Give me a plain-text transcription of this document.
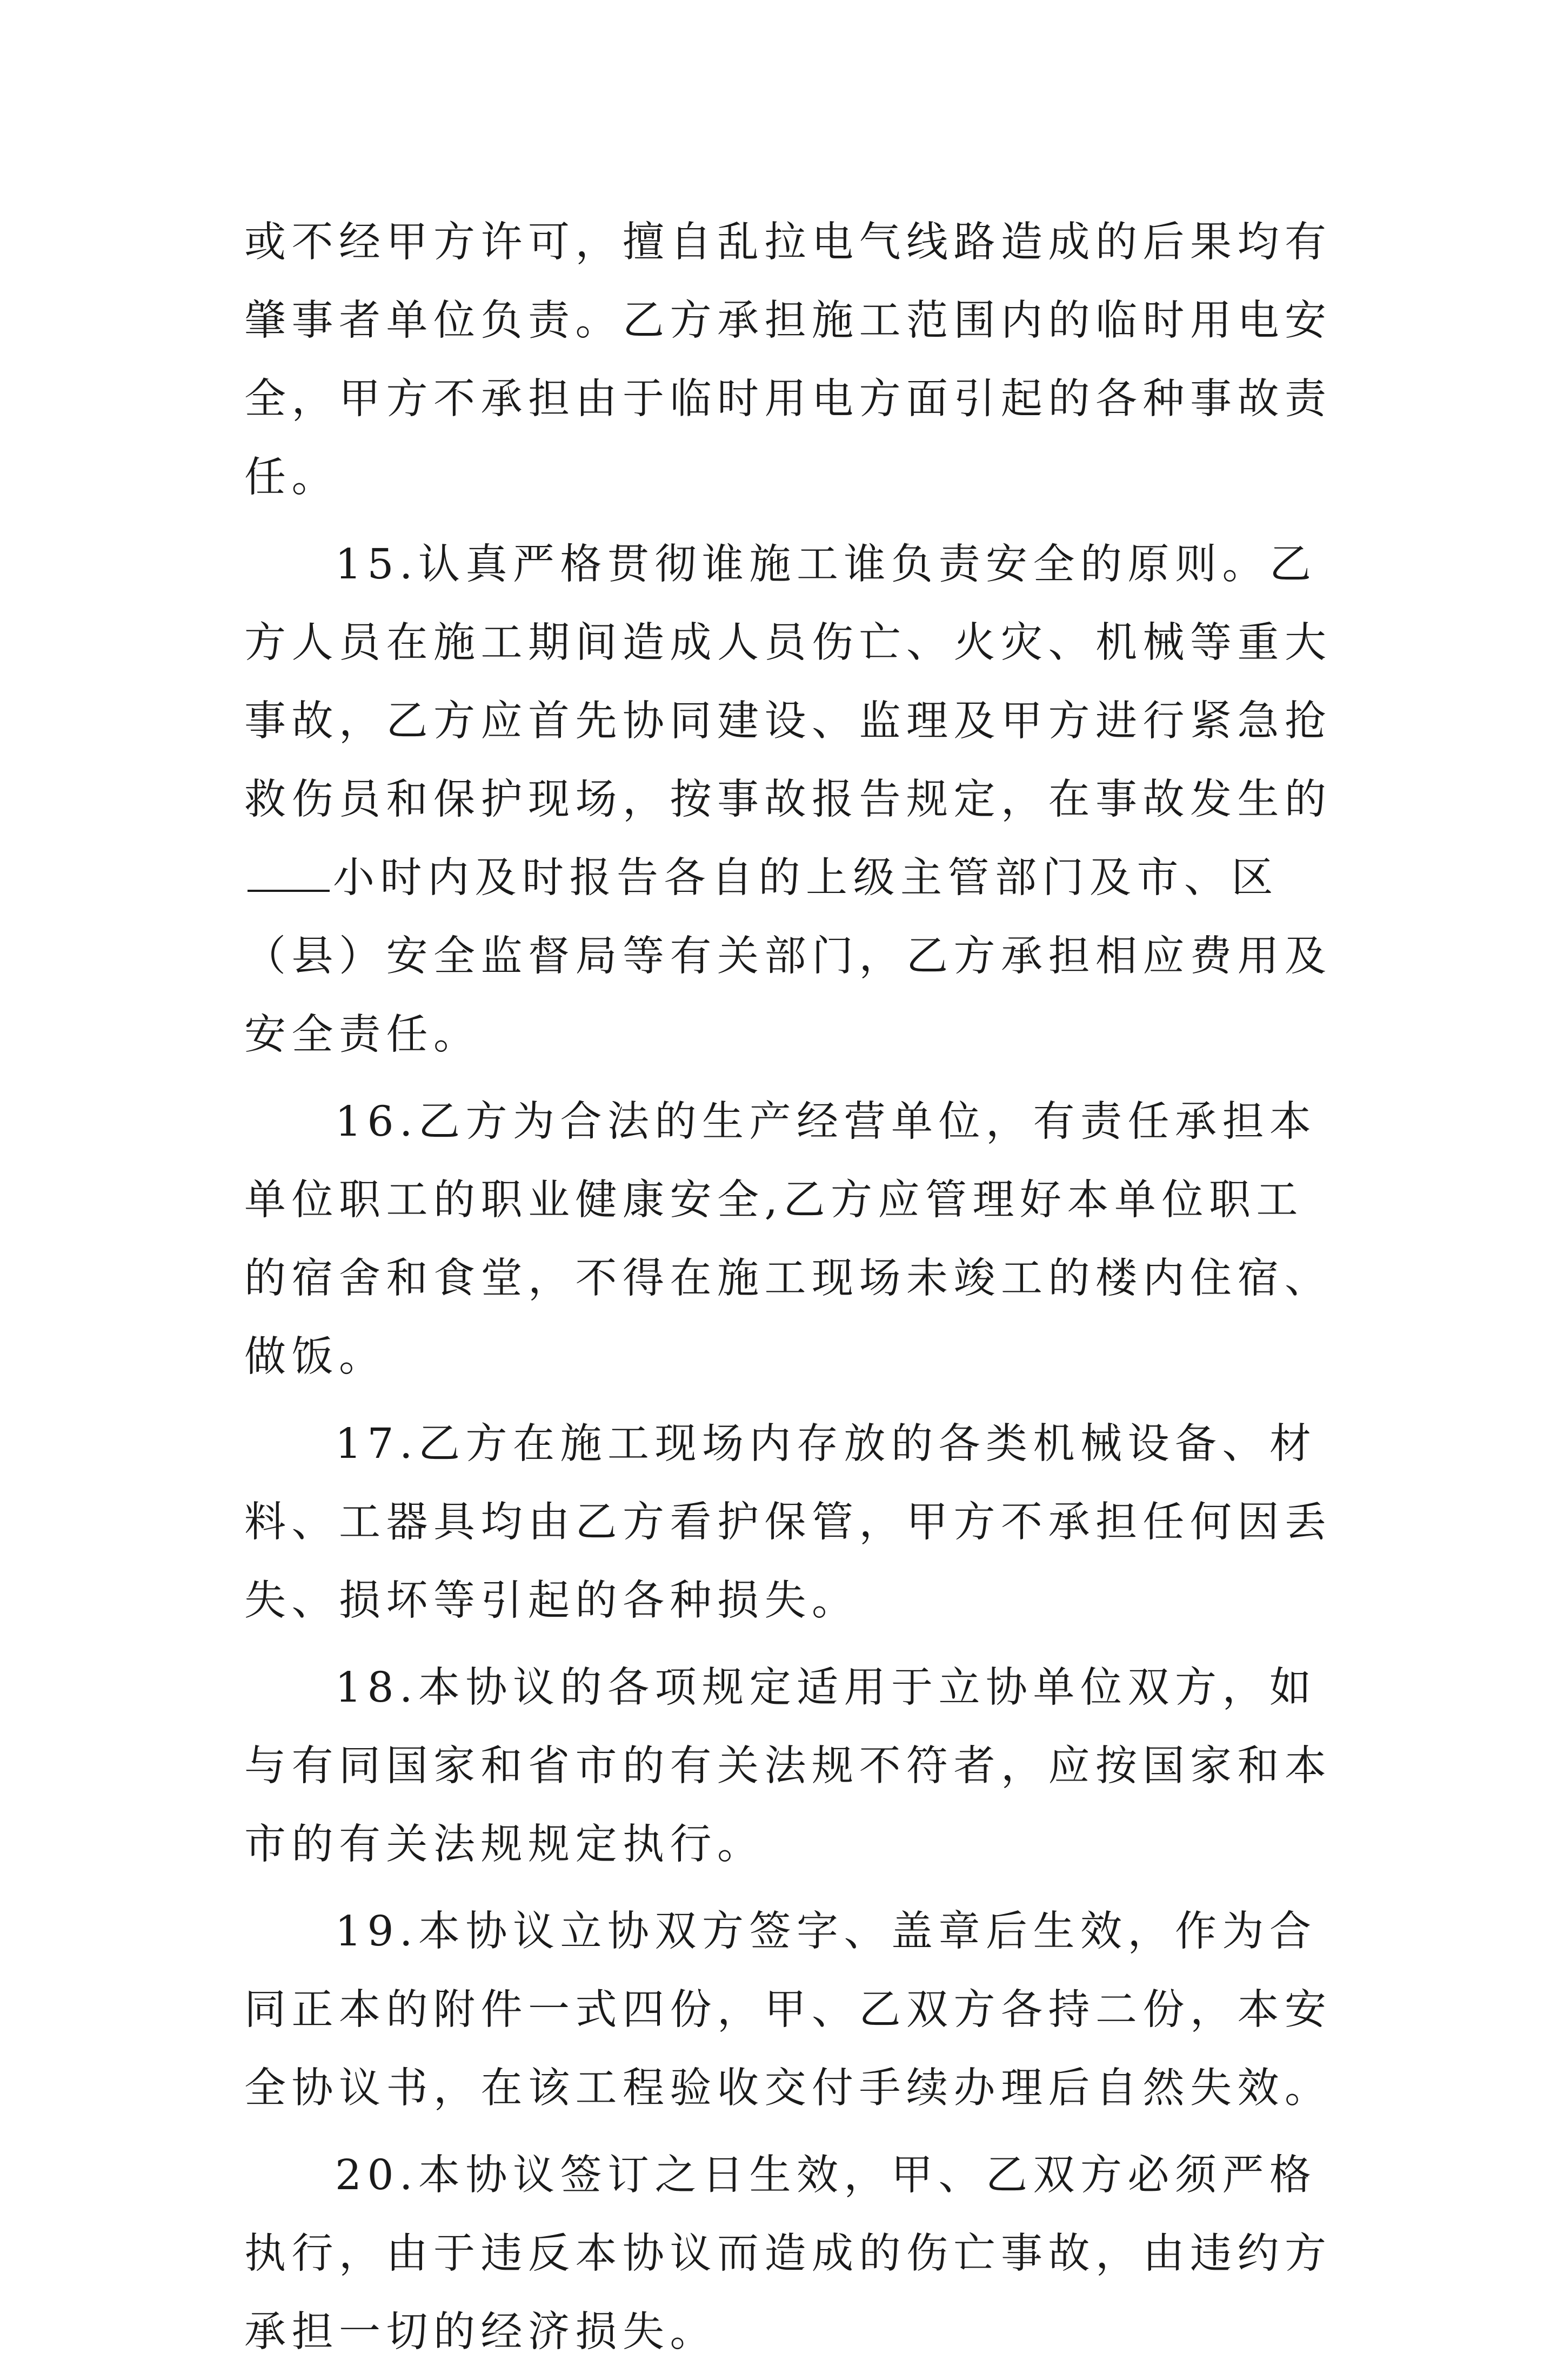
或不经甲方许可，擅自乱拉电气线路造成的后果均有肇事者单位负责。乙方承担施工范围内的临时用电安全，甲方不承担由于临时用电方面引起的各种事故责任。

15.认真严格贯彻谁施工谁负责安全的原则。乙方人员在施工期间造成人员伤亡、火灾、机械等重大事故，乙方应首先协同建设、监理及甲方进行紧急抢救伤员和保护现场，按事故报告规定，在事故发生的小时内及时报告各自的上级主管部门及市、区（县）安全监督局等有关部门，乙方承担相应费用及安全责任。

16.乙方为合法的生产经营单位，有责任承担本单位职工的职业健康安全,乙方应管理好本单位职工的宿舍和食堂，不得在施工现场未竣工的楼内住宿、做饭。

17.乙方在施工现场内存放的各类机械设备、材料、工器具均由乙方看护保管，甲方不承担任何因丢失、损坏等引起的各种损失。

18.本协议的各项规定适用于立协单位双方，如与有同国家和省市的有关法规不符者，应按国家和本市的有关法规规定执行。

19.本协议立协双方签字、盖章后生效，作为合同正本的附件一式四份，甲、乙双方各持二份，本安全协议书，在该工程验收交付手续办理后自然失效。

20.本协议签订之日生效，甲、乙双方必须严格执行，由于违反本协议而造成的伤亡事故，由违约方承担一切的经济损失。
